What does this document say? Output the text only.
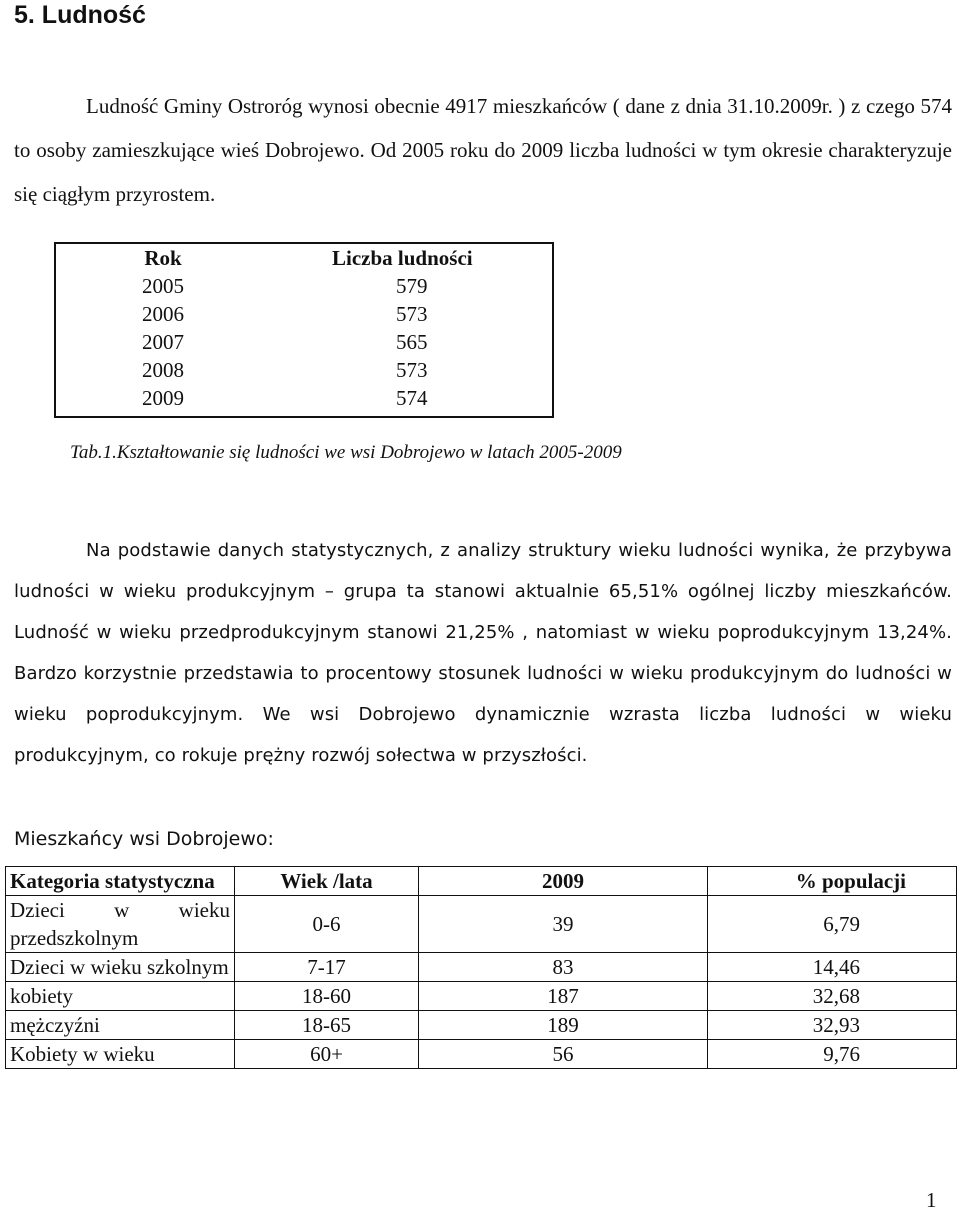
5. Ludność

Ludność Gminy Ostroróg wynosi obecnie 4917 mieszkańców ( dane z dnia 31.10.2009r. ) z czego 574 to osoby zamieszkujące wieś Dobrojewo. Od 2005 roku do 2009 liczba ludności w tym okresie charakteryzuje się ciągłym przyrostem.

Rok	Liczba ludności
2005	579
2006	573
2007	565
2008	573
2009	574

Tab.1.Kształtowanie się ludności we wsi Dobrojewo w latach 2005-2009

Na podstawie danych statystycznych, z analizy struktury wieku ludności wynika, że przybywa ludności w wieku produkcyjnym – grupa ta stanowi aktualnie 65,51% ogólnej liczby mieszkańców. Ludność w wieku przedprodukcyjnym stanowi 21,25% , natomiast w wieku poprodukcyjnym 13,24%. Bardzo korzystnie przedstawia to procentowy stosunek ludności w wieku produkcyjnym do ludności w wieku poprodukcyjnym. We wsi Dobrojewo dynamicznie wzrasta liczba ludności w wieku produkcyjnym, co rokuje prężny rozwój sołectwa w przyszłości.

Mieszkańcy wsi Dobrojewo:

Kategoria statystyczna	Wiek /lata	2009	% populacji
Dzieci w wieku przedszkolnym	0-6	39	6,79
Dzieci w wieku szkolnym	7-17	83	14,46
kobiety	18-60	187	32,68
mężczyźni	18-65	189	32,93
Kobiety w wieku	60+	56	9,76

1
